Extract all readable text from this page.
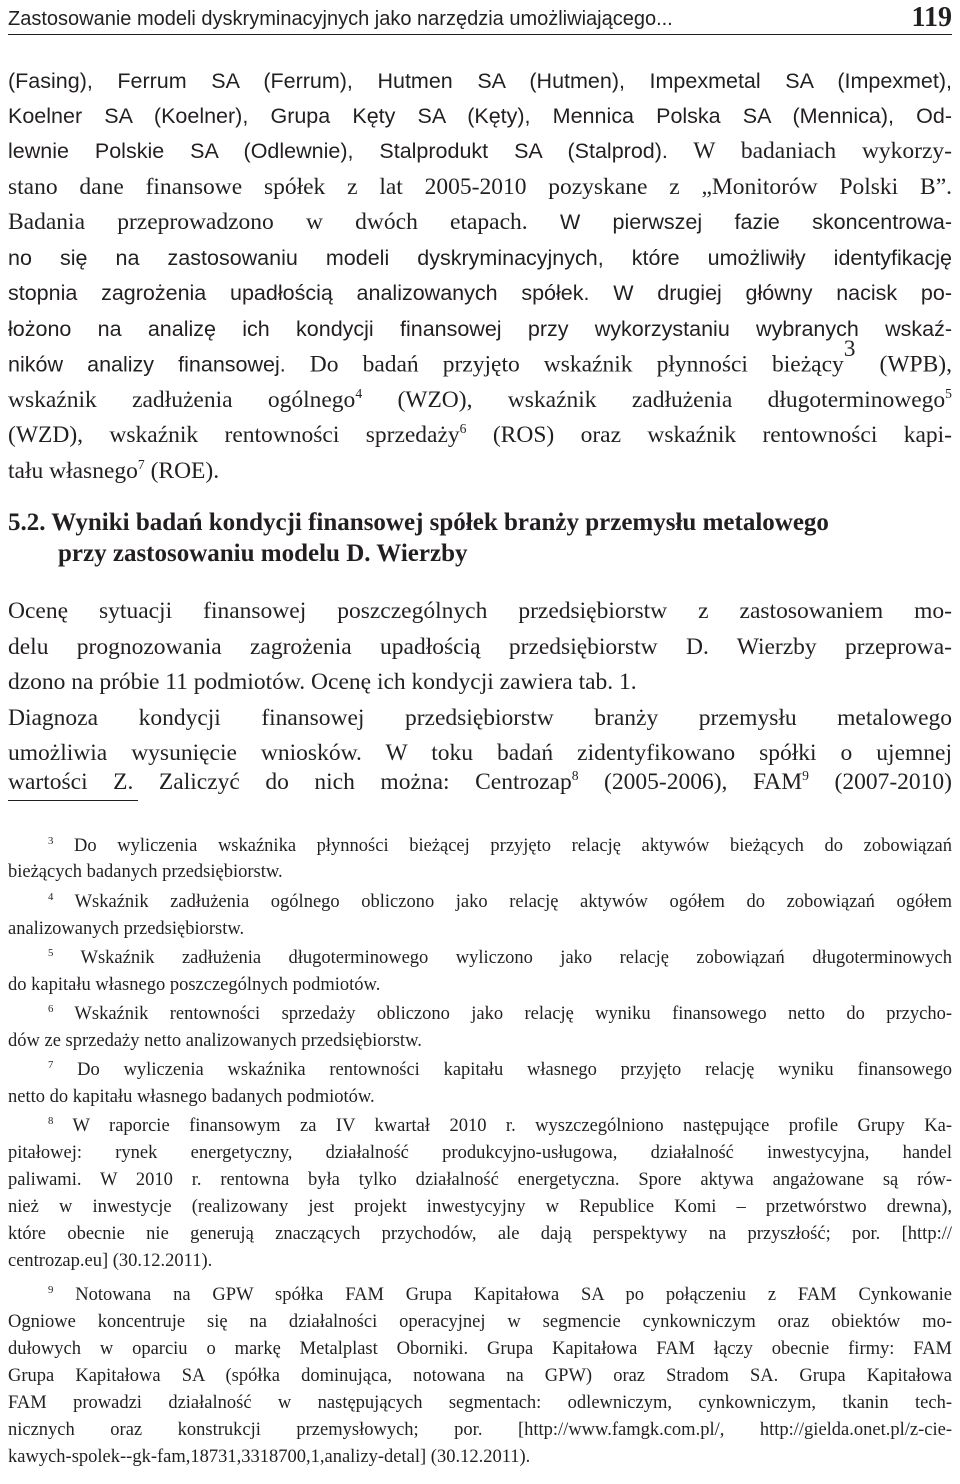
Zastosowanie modeli dyskryminacyjnych jako narzędzia umożliwiającego...	119
(Fasing), Ferrum SA (Ferrum), Hutmen SA (Hutmen), Impexmetal SA (Impexmet),
Koelner SA (Koelner), Grupa Kęty SA (Kęty), Mennica Polska SA (Mennica), Od-
lewnie Polskie SA (Odlewnie), Stalprodukt SA (Stalprod). W badaniach wykorzy-
stano dane finansowe spółek z lat 2005-2010 pozyskane z „Monitorów Polski B”.
Badania przeprowadzono w dwóch etapach. W pierwszej fazie skoncentrowa-
no się na zastosowaniu modeli dyskryminacyjnych, które umożliwiły identyfikację
stopnia zagrożenia upadłością analizowanych spółek. W drugiej główny nacisk po-
łożono na analizę ich kondycji finansowej przy wykorzystaniu wybranych wskaź-
ników analizy finansowej. Do badań przyjęto wskaźnik płynności bieżący$^3$ (WPB),
wskaźnik zadłużenia ogólnego$^4$ (WZO), wskaźnik zadłużenia długoterminowego$^5$
(WZD), wskaźnik rentowności sprzedaży$^6$ (ROS) oraz wskaźnik rentowności kapi-
tału własnego$^7$ (ROE).
5.2. Wyniki badań kondycji finansowej spółek branży przemysłu metalowego
przy zastosowaniu modelu D. Wierzby
Ocenę sytuacji finansowej poszczególnych przedsiębiorstw z zastosowaniem mo-
delu prognozowania zagrożenia upadłością przedsiębiorstw D. Wierzby przeprowa-
dzono na próbie 11 podmiotów. Ocenę ich kondycji zawiera tab. 1.
Diagnoza kondycji finansowej przedsiębiorstw branży przemysłu metalowego
umożliwia wysunięcie wniosków. W toku badań zidentyfikowano spółki o ujemnej
wartości Z. Zaliczyć do nich można: Centrozap$^8$ (2005-2006), FAM$^9$ (2007-2010)
$^3$ Do wyliczenia wskaźnika płynności bieżącej przyjęto relację aktywów bieżących do zobowiązań
bieżących badanych przedsiębiorstw.
$^4$ Wskaźnik zadłużenia ogólnego obliczono jako relację aktywów ogółem do zobowiązań ogółem
analizowanych przedsiębiorstw.
$^5$ Wskaźnik zadłużenia długoterminowego wyliczono jako relację zobowiązań długoterminowych
do kapitału własnego poszczególnych podmiotów.
$^6$ Wskaźnik rentowności sprzedaży obliczono jako relację wyniku finansowego netto do przycho-
dów ze sprzedaży netto analizowanych przedsiębiorstw.
$^7$ Do wyliczenia wskaźnika rentowności kapitału własnego przyjęto relację wyniku finansowego
netto do kapitału własnego badanych podmiotów.
$^8$ W raporcie finansowym za IV kwartał 2010 r. wyszczególniono następujące profile Grupy Ka-
pitałowej: rynek energetyczny, działalność produkcyjno-usługowa, działalność inwestycyjna, handel
paliwami. W 2010 r. rentowna była tylko działalność energetyczna. Spore aktywa angażowane są rów-
nież w inwestycje (realizowany jest projekt inwestycyjny w Republice Komi – przetwórstwo drewna),
które obecnie nie generują znaczących przychodów, ale dają perspektywy na przyszłość; por. [http://
centrozap.eu] (30.12.2011).
$^9$ Notowana na GPW spółka FAM Grupa Kapitałowa SA po połączeniu z FAM Cynkowanie
Ogniowe koncentruje się na działalności operacyjnej w segmencie cynkowniczym oraz obiektów mo-
dułowych w oparciu o markę Metalplast Oborniki. Grupa Kapitałowa FAM łączy obecnie firmy: FAM
Grupa Kapitałowa SA (spółka dominująca, notowana na GPW) oraz Stradom SA. Grupa Kapitałowa
FAM prowadzi działalność w następujących segmentach: odlewniczym, cynkowniczym, tkanin tech-
nicznych oraz konstrukcji przemysłowych; por. [http://www.famgk.com.pl/, http://gielda.onet.pl/z-cie-
kawych-spolek--gk-fam,18731,3318700,1,analizy-detal] (30.12.2011).
